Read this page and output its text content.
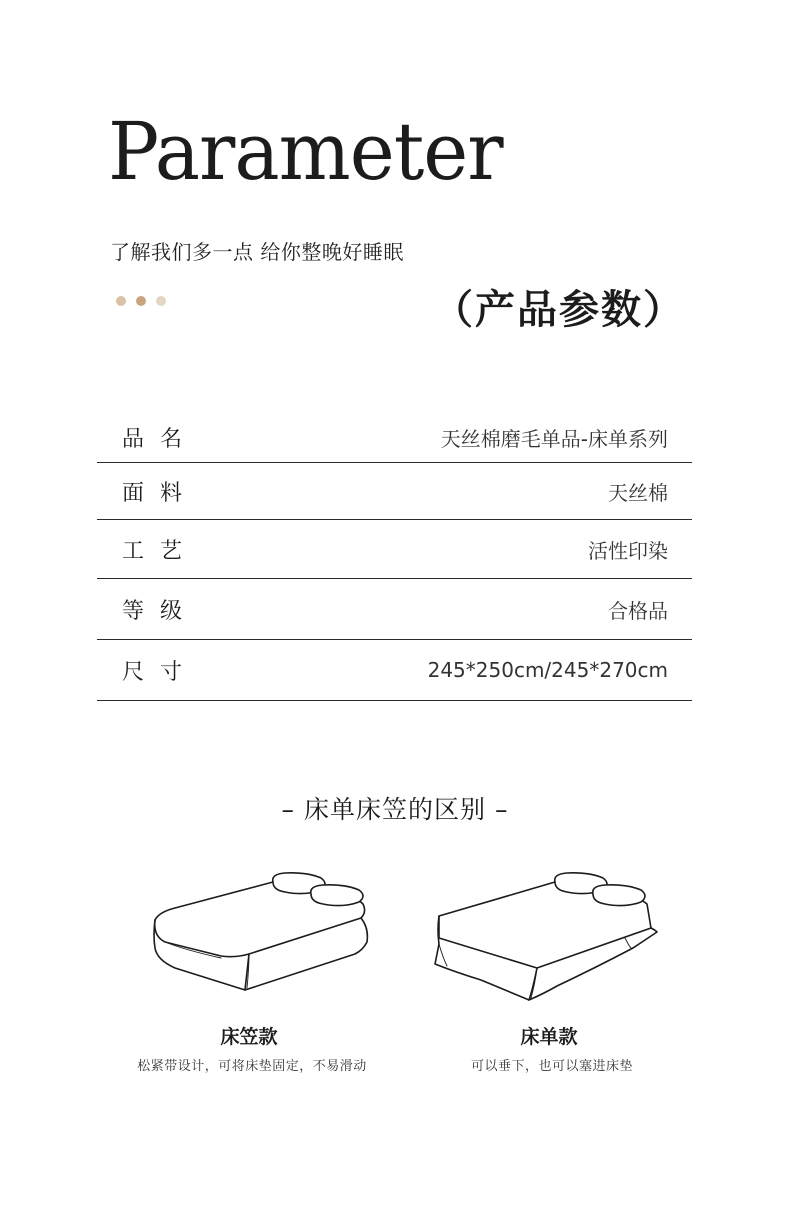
Parameter
了解我们多一点 给你整晚好睡眠
（产品参数）
品名	天丝棉磨毛单品-床单系列
面料	天丝棉
工艺	活性印染
等级	合格品
尺寸	245*250cm/245*270cm
– 床单床笠的区别 –
床笠款
松紧带设计，可将床垫固定，不易滑动
床单款
可以垂下，也可以塞进床垫
